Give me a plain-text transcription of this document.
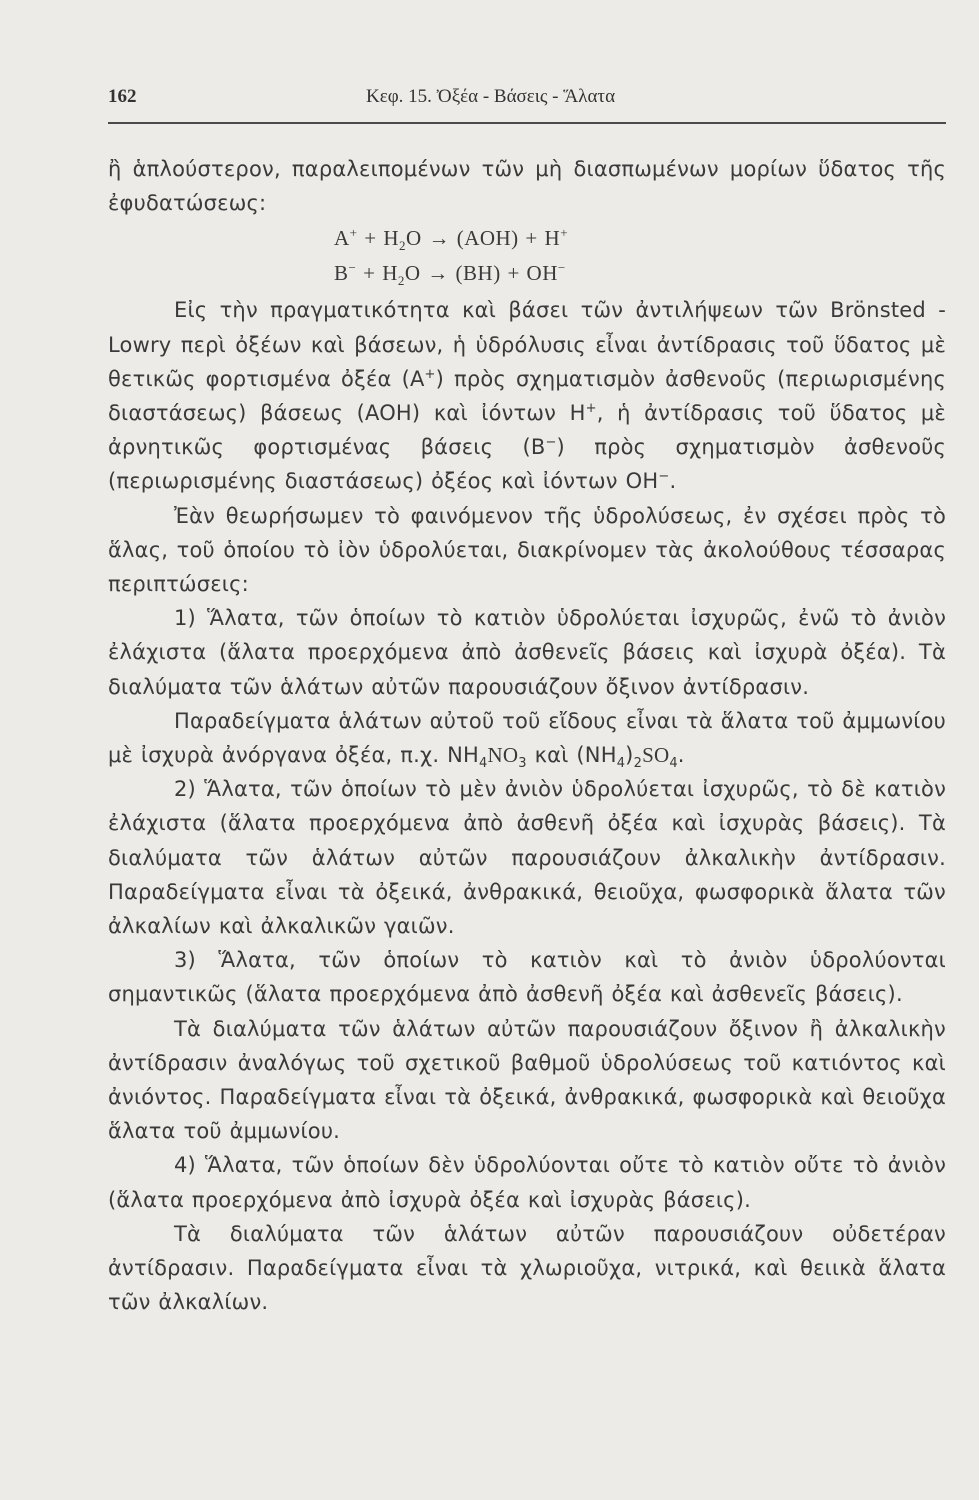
162	Κεφ. 15. Ὀξέα - Βάσεις - Ἅλατα

ἢ ἁπλούστερον, παραλειπομένων τῶν μὴ διασπωμένων μορίων ὕδατος τῆς ἐφυδατώσεως:

$A^+ + H_2O \to (AOH) + H^+$
$B^- + H_2O \to (BH) + OH^-$

Εἰς τὴν πραγματικότητα καὶ βάσει τῶν ἀντιλήψεων τῶν Brönsted - Lowry περὶ ὀξέων καὶ βάσεων, ἡ ὑδρόλυσις εἶναι ἀντίδρασις τοῦ ὕδατος μὲ θετικῶς φορτισμένα ὀξέα (A+) πρὸς σχηματισμὸν ἀσθενοῦς (περιωρισμένης διαστάσεως) βάσεως (AOH) καὶ ἰόντων H+, ἡ ἀντίδρασις τοῦ ὕδατος μὲ ἀρνητικῶς φορτισμένας βάσεις (B−) πρὸς σχηματισμὸν ἀσθενοῦς (περιωρισμένης διαστάσεως) ὀξέος καὶ ἰόντων OH−.

Ἐὰν θεωρήσωμεν τὸ φαινόμενον τῆς ὑδρολύσεως, ἐν σχέσει πρὸς τὸ ἅλας, τοῦ ὁποίου τὸ ἰὸν ὑδρολύεται, διακρίνομεν τὰς ἀκολούθους τέσσαρας περιπτώσεις:

1) Ἅλατα, τῶν ὁποίων τὸ κατιὸν ὑδρολύεται ἰσχυρῶς, ἐνῶ τὸ ἀνιὸν ἐλάχιστα (ἅλατα προερχόμενα ἀπὸ ἀσθενεῖς βάσεις καὶ ἰσχυρὰ ὀξέα). Τὰ διαλύματα τῶν ἁλάτων αὐτῶν παρουσιάζουν ὄξινον ἀντίδρασιν.

Παραδείγματα ἁλάτων αὐτοῦ τοῦ εἴδους εἶναι τὰ ἅλατα τοῦ ἀμμωνίου μὲ ἰσχυρὰ ἀνόργανα ὀξέα, π.χ. $NH_4NO_3$ καὶ $(NH_4)_2SO_4$.

2) Ἅλατα, τῶν ὁποίων τὸ μὲν ἀνιὸν ὑδρολύεται ἰσχυρῶς, τὸ δὲ κατιὸν ἐλάχιστα (ἅλατα προερχόμενα ἀπὸ ἀσθενῆ ὀξέα καὶ ἰσχυρὰς βάσεις). Τὰ διαλύματα τῶν ἁλάτων αὐτῶν παρουσιάζουν ἀλκαλικὴν ἀντίδρασιν. Παραδείγματα εἶναι τὰ ὀξεικά, ἀνθρακικά, θειοῦχα, φωσφορικὰ ἅλατα τῶν ἀλκαλίων καὶ ἀλκαλικῶν γαιῶν.

3) Ἅλατα, τῶν ὁποίων τὸ κατιὸν καὶ τὸ ἀνιὸν ὑδρολύονται σημαντικῶς (ἅλατα προερχόμενα ἀπὸ ἀσθενῆ ὀξέα καὶ ἀσθενεῖς βάσεις).

Τὰ διαλύματα τῶν ἁλάτων αὐτῶν παρουσιάζουν ὄξινον ἢ ἀλκαλικὴν ἀντίδρασιν ἀναλόγως τοῦ σχετικοῦ βαθμοῦ ὑδρολύσεως τοῦ κατιόντος καὶ ἀνιόντος. Παραδείγματα εἶναι τὰ ὀξεικά, ἀνθρακικά, φωσφορικὰ καὶ θειοῦχα ἅλατα τοῦ ἀμμωνίου.

4) Ἅλατα, τῶν ὁποίων δὲν ὑδρολύονται οὔτε τὸ κατιὸν οὔτε τὸ ἀνιὸν (ἅλατα προερχόμενα ἀπὸ ἰσχυρὰ ὀξέα καὶ ἰσχυρὰς βάσεις).

Τὰ διαλύματα τῶν ἁλάτων αὐτῶν παρουσιάζουν οὐδετέραν ἀντίδρασιν. Παραδείγματα εἶναι τὰ χλωριοῦχα, νιτρικά, καὶ θειικὰ ἅλατα τῶν ἀλκαλίων.
